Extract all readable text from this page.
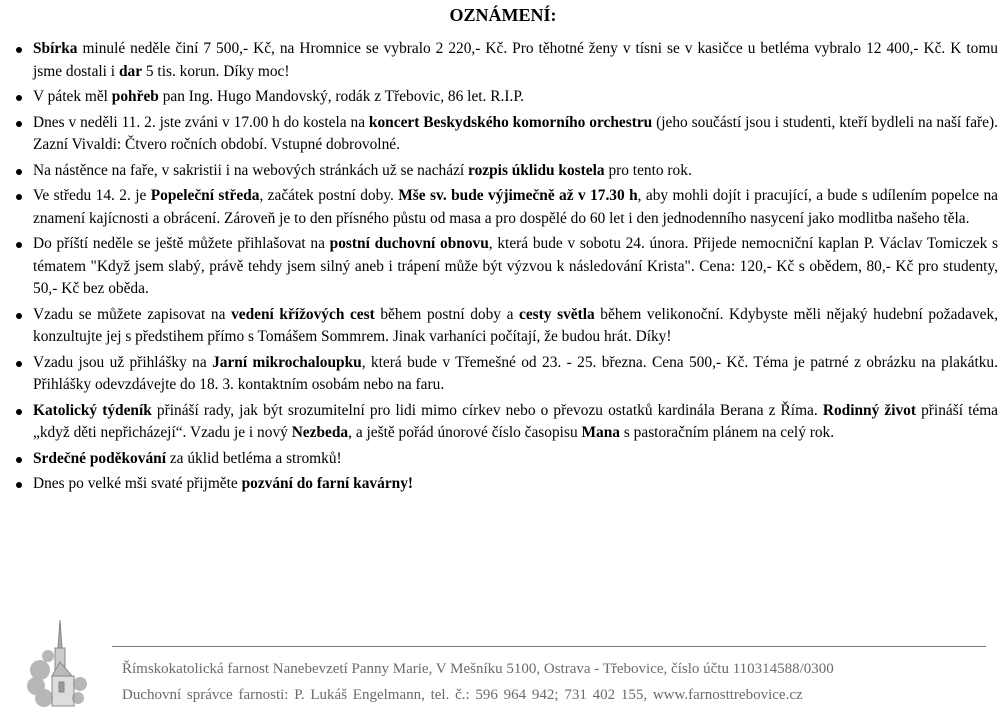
OZNÁMENÍ:
Sbírka minulé neděle činí 7 500,- Kč, na Hromnice se vybralo 2 220,- Kč. Pro těhotné ženy v tísni se v kasičce u betléma vybralo 12 400,- Kč. K tomu jsme dostali i dar 5 tis. korun. Díky moc!
V pátek měl pohřeb pan Ing. Hugo Mandovský, rodák z Třebovic, 86 let. R.I.P.
Dnes v neděli 11. 2. jste zváni v 17.00 h do kostela na koncert Beskydského komorního orchestru (jeho součástí jsou i studenti, kteří bydleli na naší faře). Zazní Vivaldi: Čtvero ročních období. Vstupné dobrovolné.
Na nástěnce na faře, v sakristii i na webových stránkách už se nachází rozpis úklidu kostela pro tento rok.
Ve středu 14. 2. je Popeleční středa, začátek postní doby. Mše sv. bude výjimečně až v 17.30 h, aby mohli dojít i pracující, a bude s udílením popelce na znamení kajícnosti a obrácení. Zároveň je to den přísného půstu od masa a pro dospělé do 60 let i den jednodenního nasycení jako modlitba našeho těla.
Do příští neděle se ještě můžete přihlašovat na postní duchovní obnovu, která bude v sobotu 24. února. Přijede nemocniční kaplan P. Václav Tomiczek s tématem "Když jsem slabý, právě tehdy jsem silný aneb i trápení může být výzvou k následování Krista". Cena: 120,- Kč s obědem, 80,- Kč pro studenty, 50,- Kč bez oběda.
Vzadu se můžete zapisovat na vedení křížových cest během postní doby a cesty světla během velikonoční. Kdybyste měli nějaký hudební požadavek, konzultujte jej s předstihem přímo s Tomášem Sommrem. Jinak varhaníci počítají, že budou hrát. Díky!
Vzadu jsou už přihlášky na Jarní mikrochaloupku, která bude v Třemešné od 23. - 25. března. Cena 500,- Kč. Téma je patrné z obrázku na plakátku. Přihlášky odevzdávejte do 18. 3. kontaktním osobám nebo na faru.
Katolický týdeník přináší rady, jak být srozumitelní pro lidi mimo církev nebo o převozu ostatků kardinála Berana z Říma. Rodinný život přináší téma „když děti nepřicházejí“. Vzadu je i nový Nezbeda, a ještě pořád únorové číslo časopisu Mana s pastoračním plánem na celý rok.
Srdečné poděkování za úklid betléma a stromků!
Dnes po velké mši svaté přijměte pozvání do farní kavárny!
Římskokatolická farnost Nanebevzetí Panny Marie, V Mešníku 5100, Ostrava - Třebovice, číslo účtu 110314588/0300
Duchovní správce farnosti: P. Lukáš Engelmann, tel. č.: 596 964 942; 731 402 155, www.farnosttrebovice.cz
